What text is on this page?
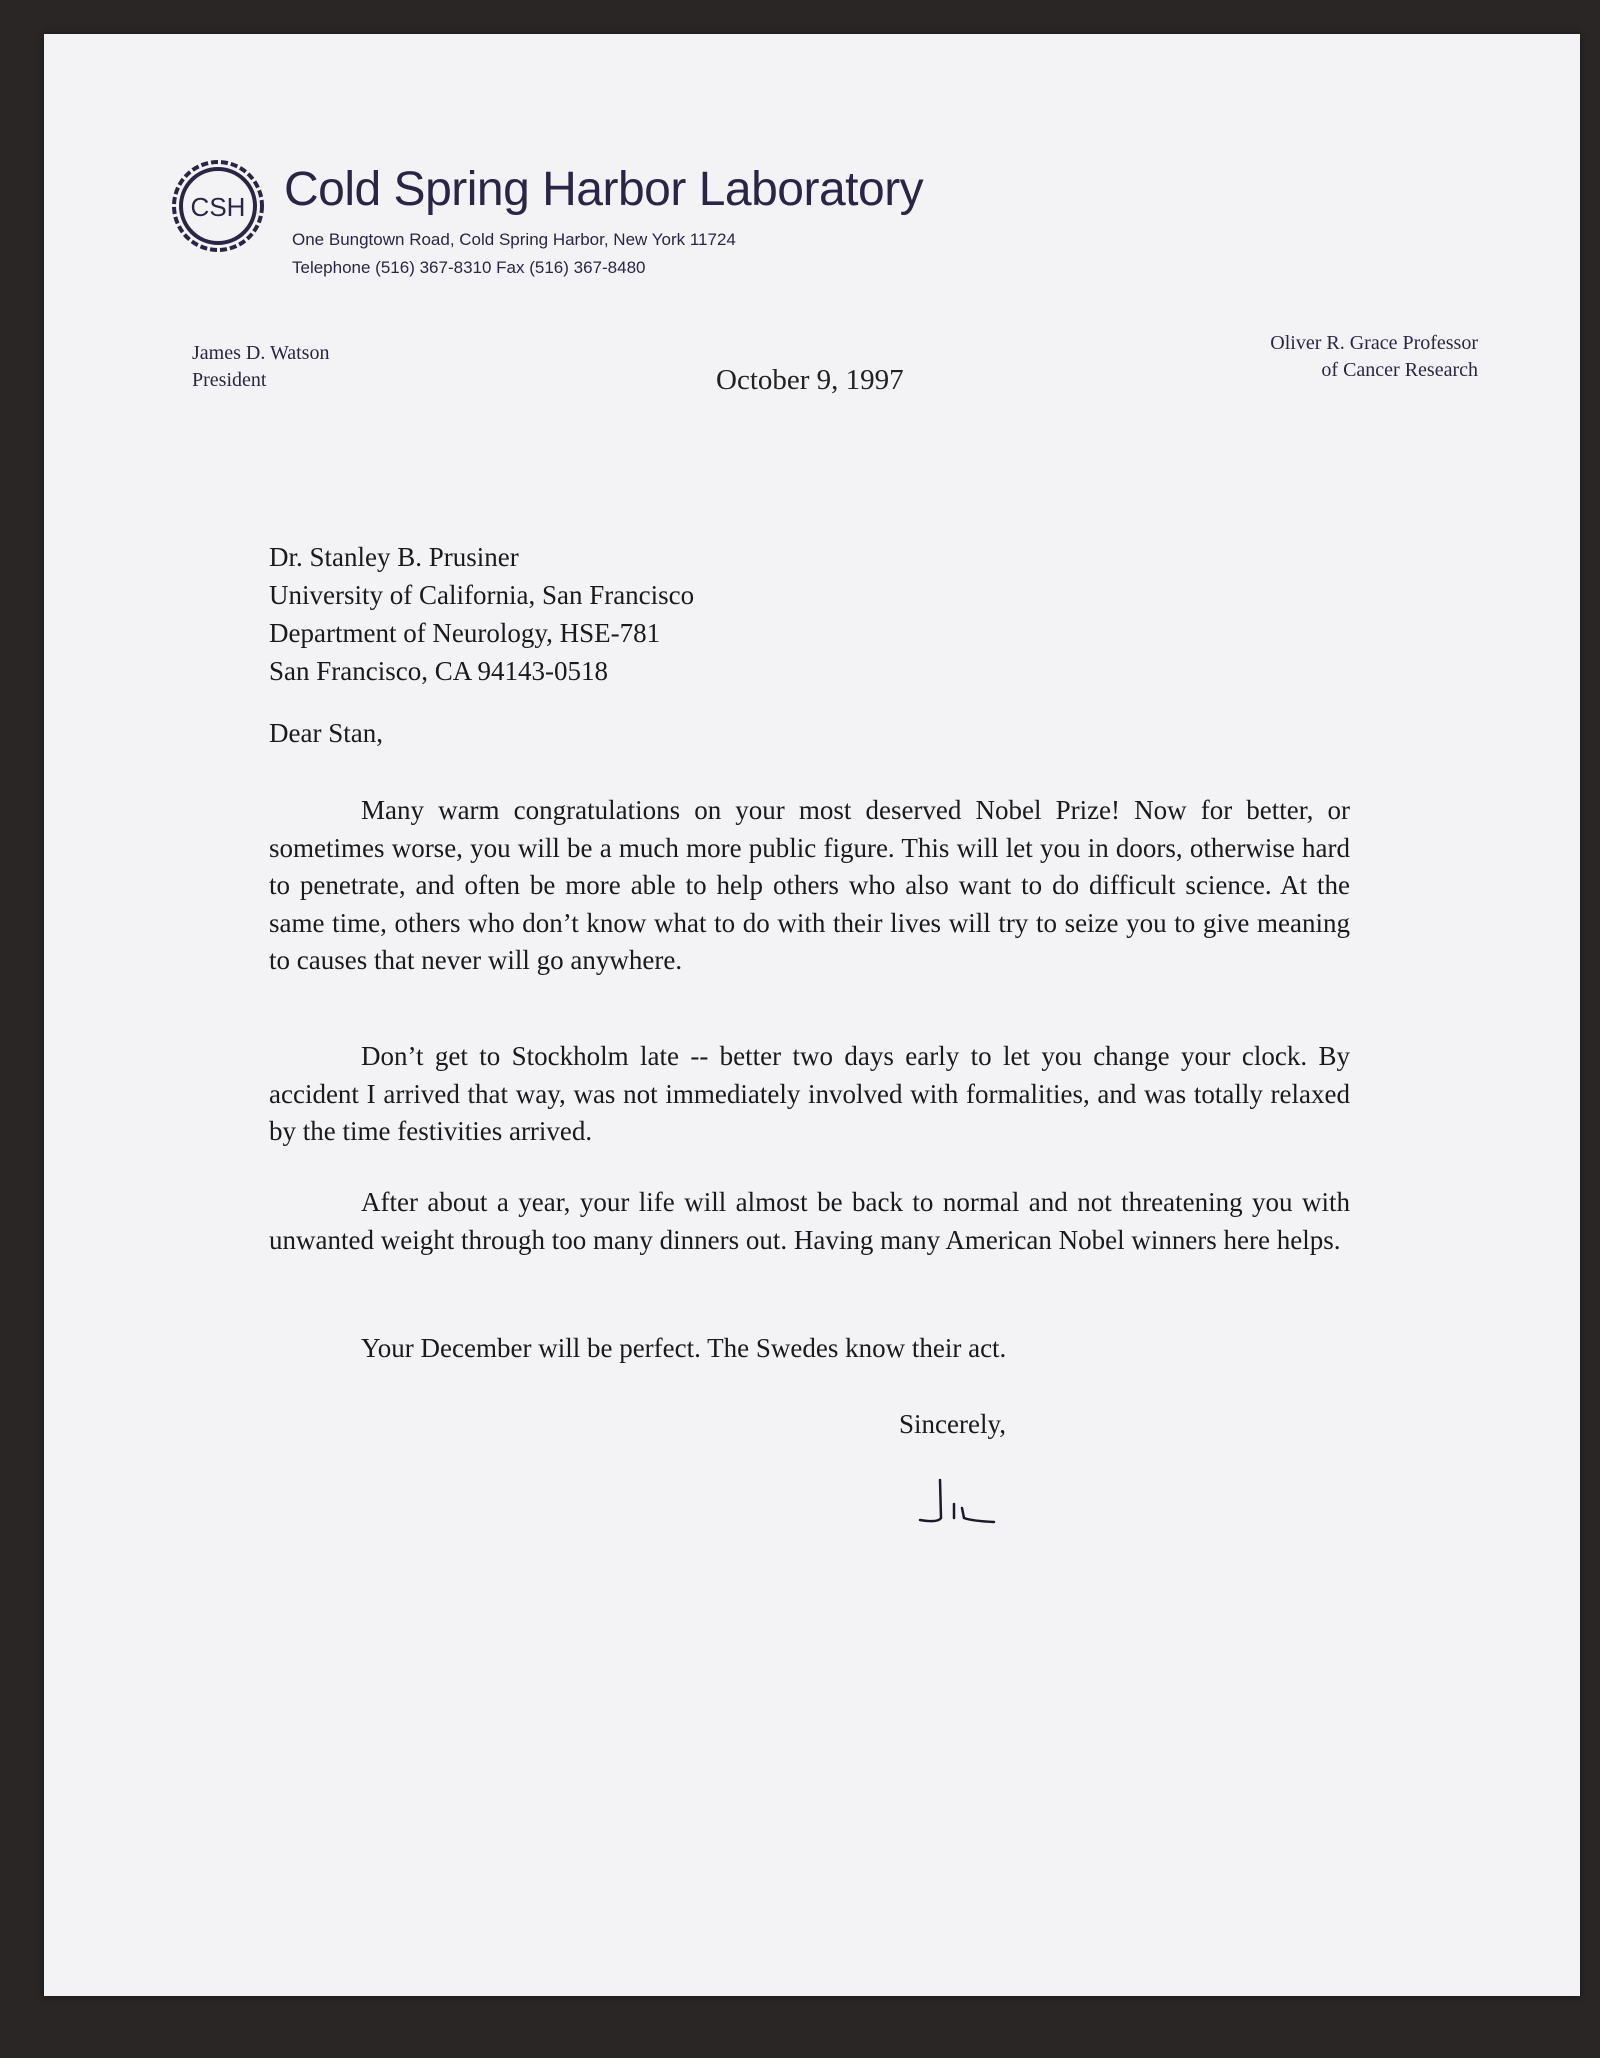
CSH Cold Spring Harbor Laboratory
One Bungtown Road, Cold Spring Harbor, New York 11724
Telephone (516) 367-8310 Fax (516) 367-8480
James D. Watson
President
Oliver R. Grace Professor
of Cancer Research
October 9, 1997
Dr. Stanley B. Prusiner
University of California, San Francisco
Department of Neurology, HSE-781
San Francisco, CA 94143-0518
Dear Stan,
Many warm congratulations on your most deserved Nobel Prize! Now for better, or sometimes worse, you will be a much more public figure. This will let you in doors, otherwise hard to penetrate, and often be more able to help others who also want to do difficult science. At the same time, others who don’t know what to do with their lives will try to seize you to give meaning to causes that never will go anywhere.
Don’t get to Stockholm late -- better two days early to let you change your clock. By accident I arrived that way, was not immediately involved with formalities, and was totally relaxed by the time festivities arrived.
After about a year, your life will almost be back to normal and not threatening you with unwanted weight through too many dinners out. Having many American Nobel winners here helps.
Your December will be perfect. The Swedes know their act.
Sincerely,
